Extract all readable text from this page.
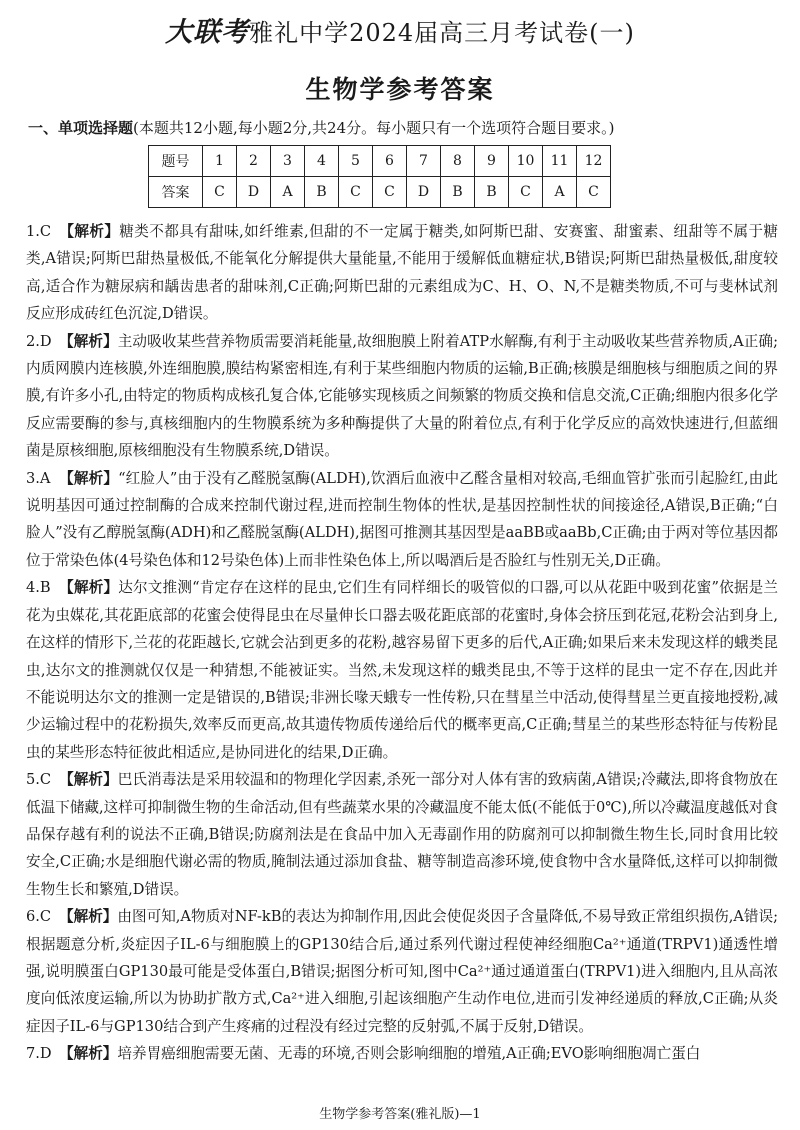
大联考雅礼中学2024届高三月考试卷(一)
生物学参考答案
一、单项选择题(本题共12小题,每小题2分,共24分。每小题只有一个选项符合题目要求。)
题号	1	2	3	4	5	6	7	8	9	10	11	12
答案	C	D	A	B	C	C	D	B	B	C	A	C

1.C 【解析】糖类不都具有甜味,如纤维素,但甜的不一定属于糖类,如阿斯巴甜、安赛蜜、甜蜜素、纽甜等不属于糖类,A错误;阿斯巴甜热量极低,不能氧化分解提供大量能量,不能用于缓解低血糖症状,B错误;阿斯巴甜热量极低,甜度较高,适合作为糖尿病和龋齿患者的甜味剂,C正确;阿斯巴甜的元素组成为C、H、O、N,不是糖类物质,不可与斐林试剂反应形成砖红色沉淀,D错误。

2.D 【解析】主动吸收某些营养物质需要消耗能量,故细胞膜上附着ATP水解酶,有利于主动吸收某些营养物质,A正确;内质网膜内连核膜,外连细胞膜,膜结构紧密相连,有利于某些细胞内物质的运输,B正确;核膜是细胞核与细胞质之间的界膜,有许多小孔,由特定的物质构成核孔复合体,它能够实现核质之间频繁的物质交换和信息交流,C正确;细胞内很多化学反应需要酶的参与,真核细胞内的生物膜系统为多种酶提供了大量的附着位点,有利于化学反应的高效快速进行,但蓝细菌是原核细胞,原核细胞没有生物膜系统,D错误。

3.A 【解析】“红脸人”由于没有乙醛脱氢酶(ALDH),饮酒后血液中乙醛含量相对较高,毛细血管扩张而引起脸红,由此说明基因可通过控制酶的合成来控制代谢过程,进而控制生物体的性状,是基因控制性状的间接途径,A错误,B正确;“白脸人”没有乙醇脱氢酶(ADH)和乙醛脱氢酶(ALDH),据图可推测其基因型是aaBB或aaBb,C正确;由于两对等位基因都位于常染色体(4号染色体和12号染色体)上而非性染色体上,所以喝酒后是否脸红与性别无关,D正确。

4.B 【解析】达尔文推测“肯定存在这样的昆虫,它们生有同样细长的吸管似的口器,可以从花距中吸到花蜜”依据是兰花为虫媒花,其花距底部的花蜜会使得昆虫在尽量伸长口器去吸花距底部的花蜜时,身体会挤压到花冠,花粉会沾到身上,在这样的情形下,兰花的花距越长,它就会沾到更多的花粉,越容易留下更多的后代,A正确;如果后来未发现这样的蛾类昆虫,达尔文的推测就仅仅是一种猜想,不能被证实。当然,未发现这样的蛾类昆虫,不等于这样的昆虫一定不存在,因此并不能说明达尔文的推测一定是错误的,B错误;非洲长喙天蛾专一性传粉,只在彗星兰中活动,使得彗星兰更直接地授粉,减少运输过程中的花粉损失,效率反而更高,故其遗传物质传递给后代的概率更高,C正确;彗星兰的某些形态特征与传粉昆虫的某些形态特征彼此相适应,是协同进化的结果,D正确。

5.C 【解析】巴氏消毒法是采用较温和的物理化学因素,杀死一部分对人体有害的致病菌,A错误;冷藏法,即将食物放在低温下储藏,这样可抑制微生物的生命活动,但有些蔬菜水果的冷藏温度不能太低(不能低于0℃),所以冷藏温度越低对食品保存越有利的说法不正确,B错误;防腐剂法是在食品中加入无毒副作用的防腐剂可以抑制微生物生长,同时食用比较安全,C正确;水是细胞代谢必需的物质,腌制法通过添加食盐、糖等制造高渗环境,使食物中含水量降低,这样可以抑制微生物生长和繁殖,D错误。

6.C 【解析】由图可知,A物质对NF-kB的表达为抑制作用,因此会使促炎因子含量降低,不易导致正常组织损伤,A错误;根据题意分析,炎症因子IL-6与细胞膜上的GP130结合后,通过系列代谢过程使神经细胞Ca²⁺通道(TRPV1)通透性增强,说明膜蛋白GP130最可能是受体蛋白,B错误;据图分析可知,图中Ca²⁺通过通道蛋白(TRPV1)进入细胞内,且从高浓度向低浓度运输,所以为协助扩散方式,Ca²⁺进入细胞,引起该细胞产生动作电位,进而引发神经递质的释放,C正确;从炎症因子IL-6与GP130结合到产生疼痛的过程没有经过完整的反射弧,不属于反射,D错误。

7.D 【解析】培养胃癌细胞需要无菌、无毒的环境,否则会影响细胞的增殖,A正确;EVO影响细胞凋亡蛋白

生物学参考答案(雅礼版)—1
